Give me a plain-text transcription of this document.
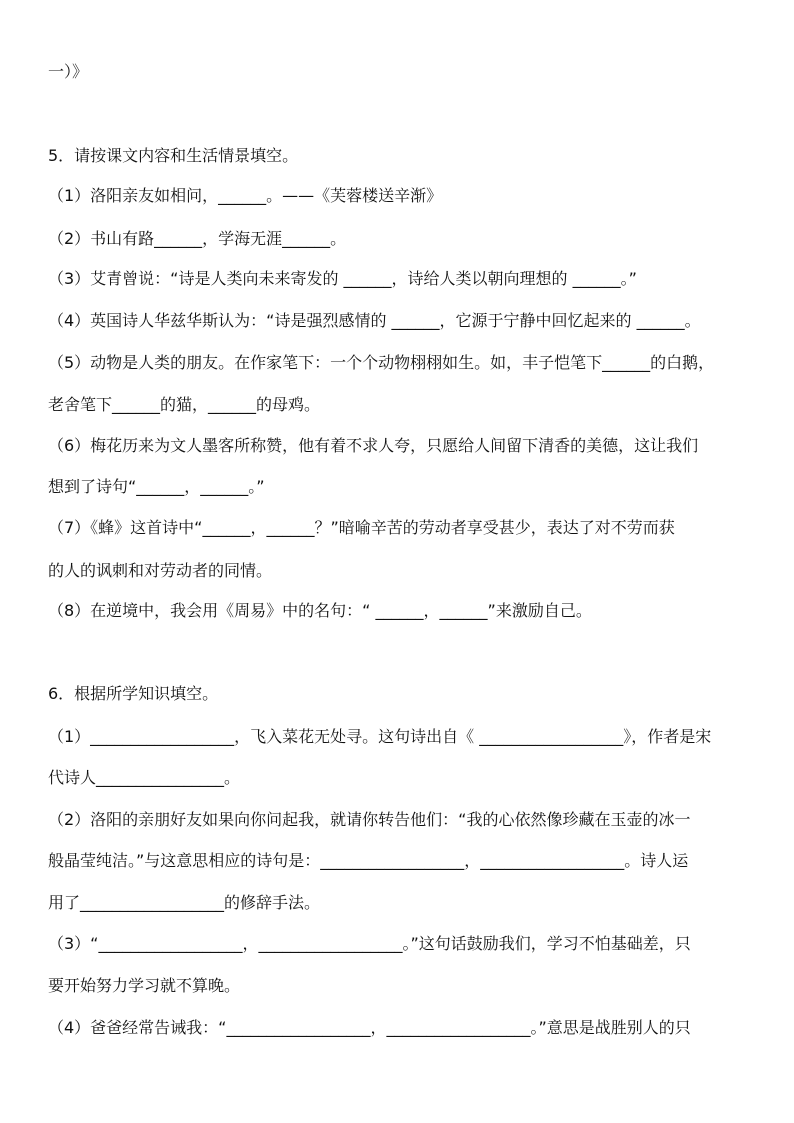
一）》
5．请按课文内容和生活情景填空。
（1）洛阳亲友如相问，______。——《芙蓉楼送辛渐》
（2）书山有路______，学海无涯______。
（3）艾青曾说：“诗是人类向未来寄发的 ______，诗给人类以朝向理想的 ______。”
（4）英国诗人华兹华斯认为：“诗是强烈感情的 ______，它源于宁静中回忆起来的 ______。
（5）动物是人类的朋友。在作家笔下：一个个动物栩栩如生。如，丰子恺笔下______的白鹅，
老舍笔下______的猫，______的母鸡。
（6）梅花历来为文人墨客所称赞，他有着不求人夸，只愿给人间留下清香的美德，这让我们
想到了诗句“______，______。”
（7）《蜂》这首诗中“______，______？”暗喻辛苦的劳动者享受甚少，表达了对不劳而获
的人的讽刺和对劳动者的同情。
（8）在逆境中，我会用《周易》中的名句：“ ______，______”来激励自己。
6．根据所学知识填空。
（1）__________________，飞入菜花无处寻。这句诗出自《 __________________》，作者是宋
代诗人________________。
（2）洛阳的亲朋好友如果向你问起我，就请你转告他们：“我的心依然像珍藏在玉壶的冰一
般晶莹纯洁。”与这意思相应的诗句是：__________________，__________________。诗人运
用了__________________的修辞手法。
（3）“__________________，__________________。”这句话鼓励我们，学习不怕基础差，只
要开始努力学习就不算晚。
（4）爸爸经常告诫我：“__________________，__________________。”意思是战胜别人的只
